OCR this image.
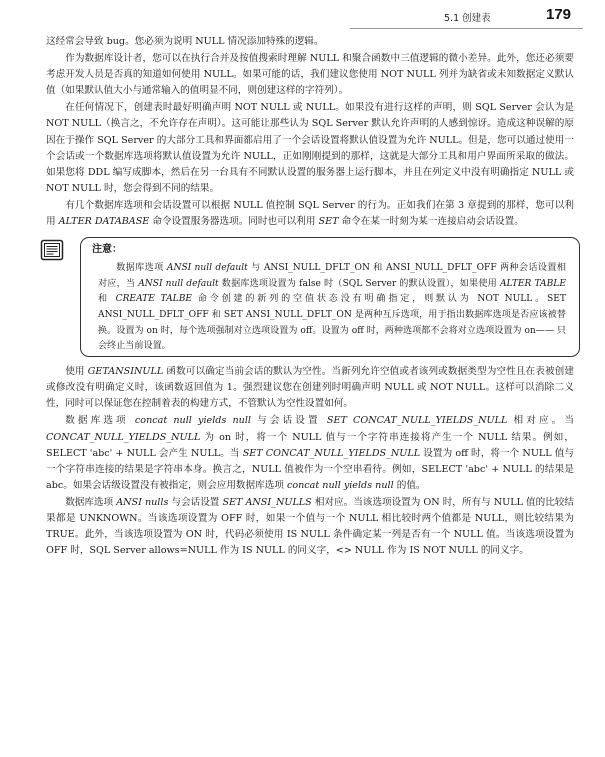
5.1 创建表	179

这经常会导致 bug。您必须为说明 NULL 情况添加特殊的逻辑。

作为数据库设计者，您可以在执行合并及按值搜索时理解 NULL 和聚合函数中三值逻辑的微小差异。此外，您还必须要考虑开发人员是否真的知道如何使用 NULL。如果可能的话，我们建议您使用 NOT NULL 列并为缺省或未知数据定义默认值（如果默认值大小与通常输入的值明显不同，则创建这样的字符列）。

在任何情况下，创建表时最好明确声明 NOT NULL 或 NULL。如果没有进行这样的声明，则 SQL Server 会认为是 NOT NULL（换言之，不允许存在声明）。这可能让那些认为 SQL Server 默认允许声明的人感到惊讶。造成这种误解的原因在于操作 SQL Server 的大部分工具和界面都启用了一个会话设置将默认值设置为允许 NULL。但是，您可以通过使用一个会话或一个数据库选项将默认值设置为允许 NULL，正如刚刚提到的那样，这就是大部分工具和用户界面所采取的做法。如果您将 DDL 编写成脚本，然后在另一台具有不同默认设置的服务器上运行脚本，并且在列定义中没有明确指定 NULL 或 NOT NULL 时，您会得到不同的结果。

有几个数据库选项和会话设置可以根据 NULL 值控制 SQL Server 的行为。正如我们在第 3 章提到的那样，您可以利用 ALTER DATABASE 命令设置服务器选项。同时也可以利用 SET 命令在某一时刻为某一连接启动会话设置。

注意：
数据库选项 ANSI null default 与 ANSI_NULL_DFLT_ON 和 ANSI_NULL_DFLT_OFF 两种会话设置相对应，当 ANSI null default 数据库选项设置为 false 时（SQL Server 的默认设置），如果使用 ALTER TABLE 和 CREATE TALBE 命令创建的新列的空值状态没有明确指定，则默认为 NOT NULL。SET ANSI_NULL_DFLT_OFF 和 SET ANSI_NULL_DFLT_ON 是两种互斥选项，用于指出数据库选项是否应该被替换。设置为 on 时，每个选项强制对立选项设置为 off。设置为 off 时，两种选项都不会将对立选项设置为 on—— 只会终止当前设置。

使用 GETANSINULL 函数可以确定当前会话的默认为空性。当新列允许空值或者该列或数据类型为空性且在表被创建或修改没有明确定义时，该函数返回值为 1。强烈建议您在创建列时明确声明 NULL 或 NOT NULL。这样可以消除二义性，同时可以保证您在控制着表的构建方式，不管默认为空性设置如何。

数据库选项 concat null yields null 与会话设置 SET CONCAT_NULL_YIELDS_NULL 相对应。当 CONCAT_NULL_YIELDS_NULL 为 on 时，将一个 NULL 值与一个字符串连接将产生一个 NULL 结果。例如，SELECT 'abc' + NULL 会产生 NULL。当 SET CONCAT_NULL_YIELDS_NULL 设置为 off 时，将一个 NULL 值与一个字符串连接的结果是字符串本身。换言之，NULL 值被作为一个空串看待。例如，SELECT 'abc' + NULL 的结果是 abc。如果会话级设置没有被指定，则会应用数据库选项 concat null yields null 的值。

数据库选项 ANSI nulls 与会话设置 SET ANSI_NULLS 相对应。当该选项设置为 ON 时，所有与 NULL 值的比较结果都是 UNKNOWN。当该选项设置为 OFF 时，如果一个值与一个 NULL 相比较时两个值都是 NULL，则比较结果为 TRUE。此外，当该选项设置为 ON 时，代码必须使用 IS NULL 条件确定某一列是否有一个 NULL 值。当该选项设置为 OFF 时，SQL Server allows=NULL 作为 IS NULL 的同义字，<> NULL 作为 IS NOT NULL 的同义字。
